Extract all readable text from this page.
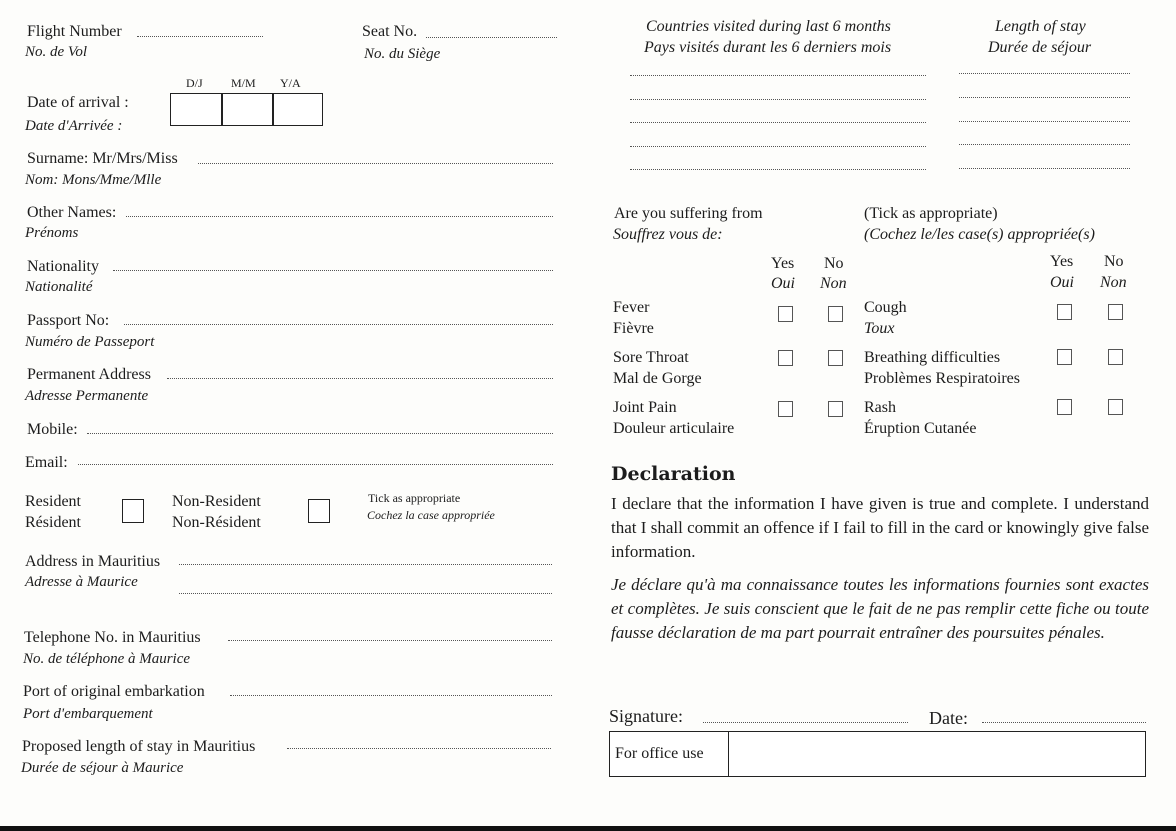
Flight Number
No. de Vol
Seat No.
No. du Siège
D/J M/M Y/A
Date of arrival :
Date d'Arrivée :
Surname: Mr/Mrs/Miss
Nom: Mons/Mme/Mlle
Other Names:
Prénoms
Nationality
Nationalité
Passport No:
Numéro de Passeport
Permanent Address
Adresse Permanente
Mobile:
Email:
Resident
Résident
Non-Resident
Non-Résident
Tick as appropriate
Cochez la case appropriée
Address in Mauritius
Adresse à Maurice
Telephone No. in Mauritius
No. de téléphone à Maurice
Port of original embarkation
Port d'embarquement
Proposed length of stay in Mauritius
Durée de séjour à Maurice
Countries visited during last 6 months
Pays visités durant les 6 derniers mois
Length of stay
Durée de séjour
Are you suffering from
Souffrez vous de:
(Tick as appropriate)
(Cochez le/les case(s) appropriée(s)
Yes
Oui
No
Non
Yes
Oui
No
Non
Fever
Fièvre
Sore Throat
Mal de Gorge
Joint Pain
Douleur articulaire
Cough
Toux
Breathing difficulties
Problèmes Respiratoires
Rash
Éruption Cutanée
Declaration
I declare that the information I have given is true and complete. I understand that I shall commit an offence if I fail to fill in the card or knowingly give false information.
Je déclare qu'à ma connaissance toutes les informations fournies sont exactes et complètes. Je suis conscient que le fait de ne pas remplir cette fiche ou toute fausse déclaration de ma part pourrait entraîner des poursuites pénales.
Signature:	Date:
For office use
